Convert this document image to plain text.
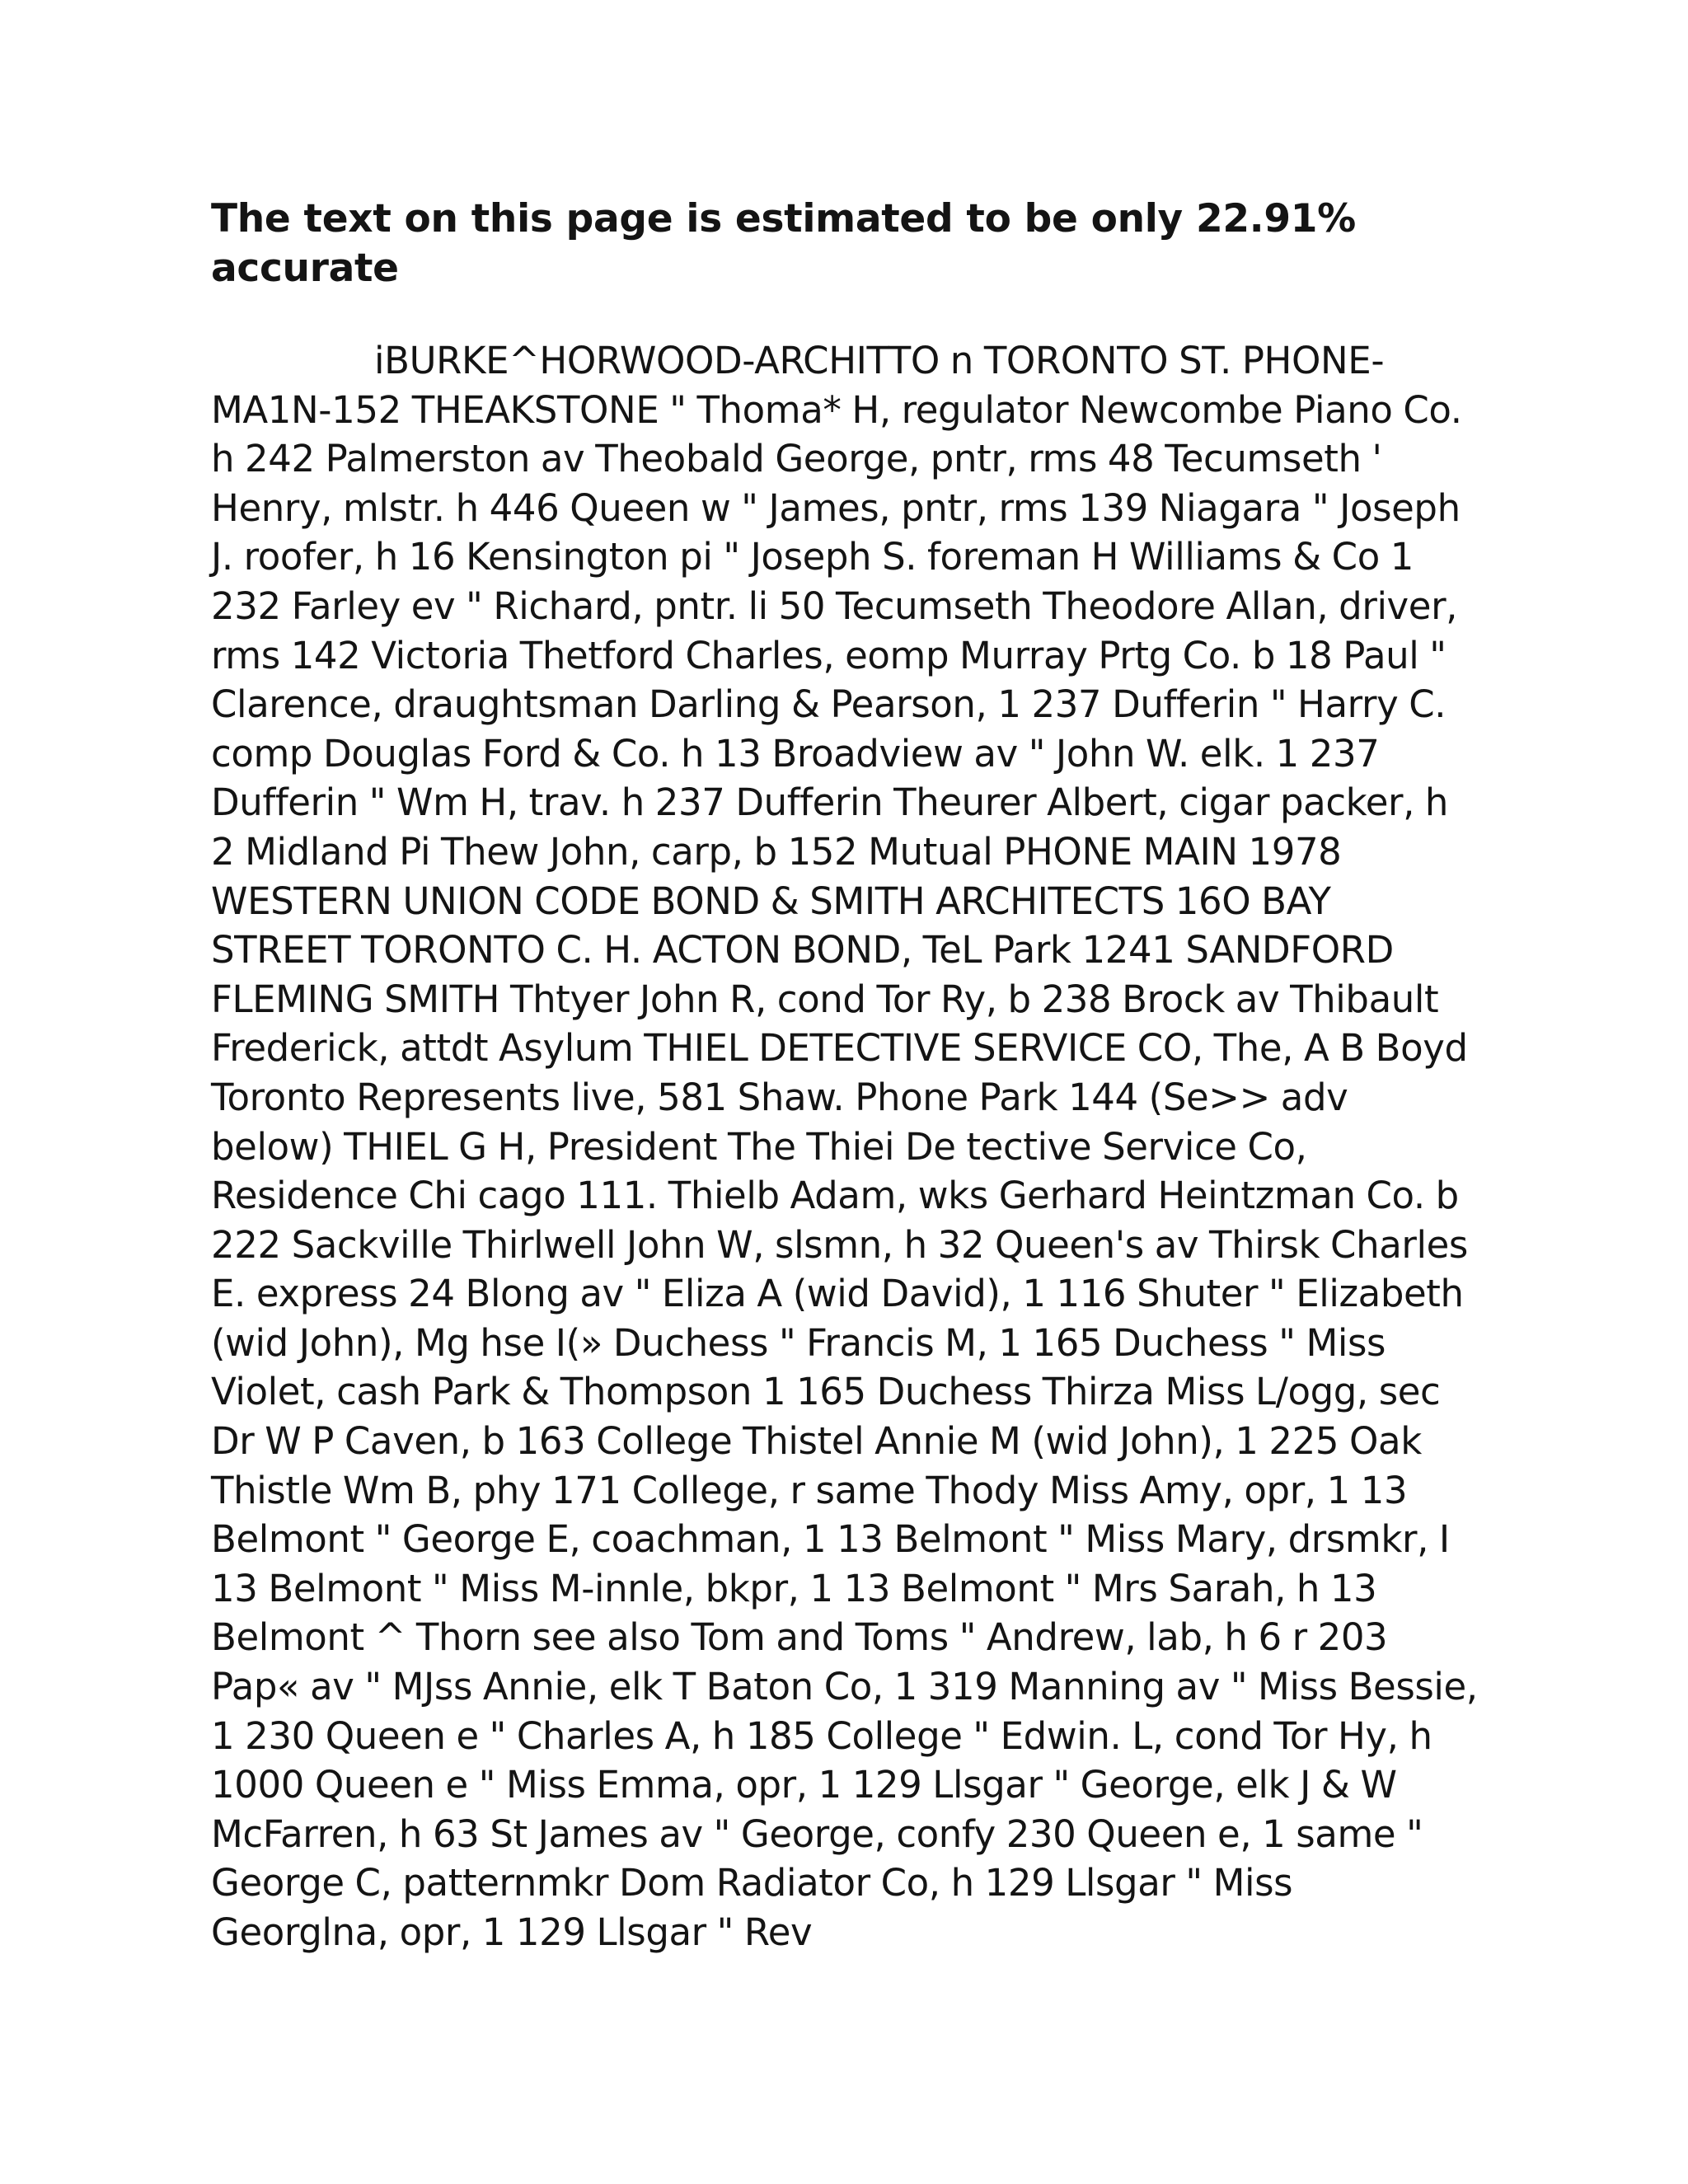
The text on this page is estimated to be only 22.91% accurate

iBURKE^HORWOOD-ARCHITTO n TORONTO ST. PHONE-MA1N-152 THEAKSTONE " Thoma* H, regulator Newcombe Piano Co. h 242 Palmerston av Theobald George, pntr, rms 48 Tecumseth ' Henry, mlstr. h 446 Queen w " James, pntr, rms 139 Niagara " Joseph J. roofer, h 16 Kensington pi " Joseph S. foreman H Williams & Co 1 232 Farley ev " Richard, pntr. li 50 Tecumseth Theodore Allan, driver, rms 142 Victoria Thetford Charles, eomp Murray Prtg Co. b 18 Paul " Clarence, draughtsman Darling & Pearson, 1 237 Dufferin " Harry C. comp Douglas Ford & Co. h 13 Broadview av " John W. elk. 1 237 Dufferin " Wm H, trav. h 237 Dufferin Theurer Albert, cigar packer, h 2 Midland Pi Thew John, carp, b 152 Mutual PHONE MAIN 1978 WESTERN UNION CODE BOND & SMITH ARCHITECTS 16O BAY STREET TORONTO C. H. ACTON BOND, TeL Park 1241 SANDFORD FLEMING SMITH Thtyer John R, cond Tor Ry, b 238 Brock av Thibault Frederick, attdt Asylum THIEL DETECTIVE SERVICE CO, The, A B Boyd Toronto Represents live, 581 Shaw. Phone Park 144 (Se>> adv below) THIEL G H, President The Thiei De tective Service Co, Residence Chi cago 111. Thielb Adam, wks Gerhard Heintzman Co. b 222 Sackville Thirlwell John W, slsmn, h 32 Queen's av Thirsk Charles E. express 24 Blong av " Eliza A (wid David), 1 116 Shuter " Elizabeth (wid John), Mg hse I(» Duchess " Francis M, 1 165 Duchess " Miss Violet, cash Park & Thompson 1 165 Duchess Thirza Miss L/ogg, sec Dr W P Caven, b 163 College Thistel Annie M (wid John), 1 225 Oak Thistle Wm B, phy 171 College, r same Thody Miss Amy, opr, 1 13 Belmont " George E, coachman, 1 13 Belmont " Miss Mary, drsmkr, I 13 Belmont " Miss M-innle, bkpr, 1 13 Belmont " Mrs Sarah, h 13 Belmont ^ Thorn see also Tom and Toms " Andrew, lab, h 6 r 203 Pap« av " MJss Annie, elk T Baton Co, 1 319 Manning av " Miss Bessie, 1 230 Queen e " Charles A, h 185 College " Edwin. L, cond Tor Hy, h 1000 Queen e " Miss Emma, opr, 1 129 Llsgar " George, elk J & W McFarren, h 63 St James av " George, confy 230 Queen e, 1 same " George C, patternmkr Dom Radiator Co, h 129 Llsgar " Miss Georglna, opr, 1 129 Llsgar " Rev
